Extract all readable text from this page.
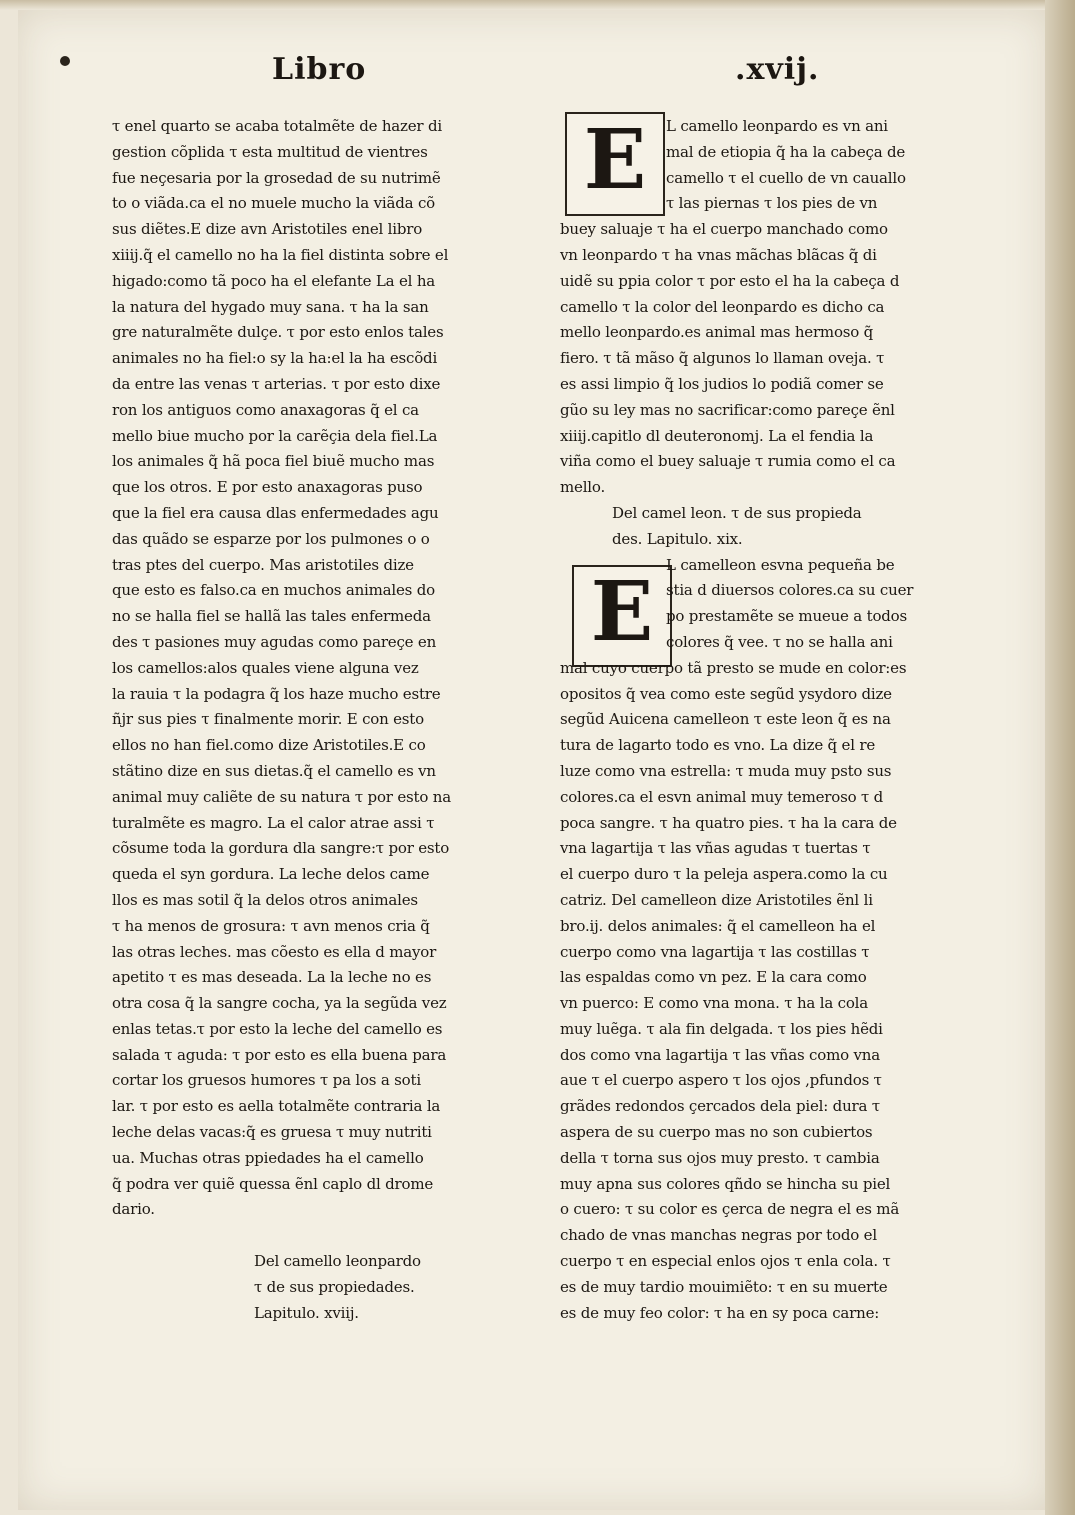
Libro	.xvij.
τ enel quarto se acaba totalmẽte de hazer di
gestion cõplida τ esta multitud de vientres
fue neçesaria por la grosedad de su nutrimẽ
to o viãda.ca el no muele mucho la viãda cõ
sus diẽtes.E dize avn Aristotiles enel libro
xiiij.q̃ el camello no ha la fiel distinta sobre el
higado:como tã poco ha el elefante La el ha
la natura del hygado muy sana. τ ha la san
gre naturalmẽte dulçe. τ por esto enlos tales
animales no ha fiel:o sy la ha:el la ha escõdi
da entre las venas τ arterias. τ por esto dixe
ron los antiguos como anaxagoras q̃ el ca
mello biue mucho por la carẽçia dela fiel.La
los animales q̃ hã poca fiel biuẽ mucho mas
que los otros. E por esto anaxagoras puso
que la fiel era causa dlas enfermedades agu
das quãdo se esparze por los pulmones o o
tras ptes del cuerpo. Mas aristotiles dize
que esto es falso.ca en muchos animales do
no se halla fiel se hallã las tales enfermeda
des τ pasiones muy agudas como pareçe en
los camellos:alos quales viene alguna vez
la rauia τ la podagra q̃ los haze mucho estre
ñjr sus pies τ finalmente morir. E con esto
ellos no han fiel.como dize Aristotiles.E co
stãtino dize en sus dietas.q̃ el camello es vn
animal muy caliẽte de su natura τ por esto na
turalmẽte es magro. La el calor atrae assi τ
cõsume toda la gordura dla sangre:τ por esto
queda el syn gordura. La leche delos came
llos es mas sotil q̃ la delos otros animales
τ ha menos de grosura: τ avn menos cria q̃
las otras leches. mas cõesto es ella d mayor
apetito τ es mas deseada. La la leche no es
otra cosa q̃ la sangre cocha, ya la segũda vez
enlas tetas.τ por esto la leche del camello es
salada τ aguda: τ por esto es ella buena para
cortar los gruesos humores τ pa los a soti
lar. τ por esto es aella totalmẽte contraria la
leche delas vacas:q̃ es gruesa τ muy nutriti
ua. Muchas otras ppiedades ha el camello
q̃ podra ver quiẽ quessa ẽnl caplo dl drome
dario.
Del camello leonpardo
τ de sus propiedades.
Lapitulo. xviij.
E
E
L camello leonpardo es vn ani
mal de etiopia q̃ ha la cabeça de
camello τ el cuello de vn cauallo
τ las piernas τ los pies de vn
buey saluaje τ ha el cuerpo manchado como
vn leonpardo τ ha vnas mãchas blãcas q̃ di
uidẽ su ppia color τ por esto el ha la cabeça d
camello τ la color del leonpardo es dicho ca
mello leonpardo.es animal mas hermoso q̃
fiero. τ tã mãso q̃ algunos lo llaman oveja. τ
es assi limpio q̃ los judios lo podiã comer se
gũo su ley mas no sacrificar:como pareçe ẽnl
xiiij.capitlo dl deuteronomj. La el fendia la
viña como el buey saluaje τ rumia como el ca
mello.
Del camel leon. τ de sus propieda
des. Lapitulo. xix.
L camelleon esvna pequeña be
stia d diuersos colores.ca su cuer
po prestamẽte se mueue a todos
colores q̃ vee. τ no se halla ani
mal cuyo cuerpo tã presto se mude en color:es
opositos q̃ vea como este segũd ysydoro dize
segũd Auicena camelleon τ este leon q̃ es na
tura de lagarto todo es vno. La dize q̃ el re
luze como vna estrella: τ muda muy psto sus
colores.ca el esvn animal muy temeroso τ d
poca sangre. τ ha quatro pies. τ ha la cara de
vna lagartija τ las vñas agudas τ tuertas τ
el cuerpo duro τ la peleja aspera.como la cu
catriz. Del camelleon dize Aristotiles ẽnl li
bro.ij. delos animales: q̃ el camelleon ha el
cuerpo como vna lagartija τ las costillas τ
las espaldas como vn pez. E la cara como
vn puerco: E como vna mona. τ ha la cola
muy luẽga. τ ala fin delgada. τ los pies hẽdi
dos como vna lagartija τ las vñas como vna
aue τ el cuerpo aspero τ los ojos ,pfundos τ
grãdes redondos çercados dela piel: dura τ
aspera de su cuerpo mas no son cubiertos
della τ torna sus ojos muy presto. τ cambia
muy apna sus colores qñdo se hincha su piel
o cuero: τ su color es çerca de negra el es mã
chado de vnas manchas negras por todo el
cuerpo τ en especial enlos ojos τ enla cola. τ
es de muy tardio mouimiẽto: τ en su muerte
es de muy feo color: τ ha en sy poca carne:
